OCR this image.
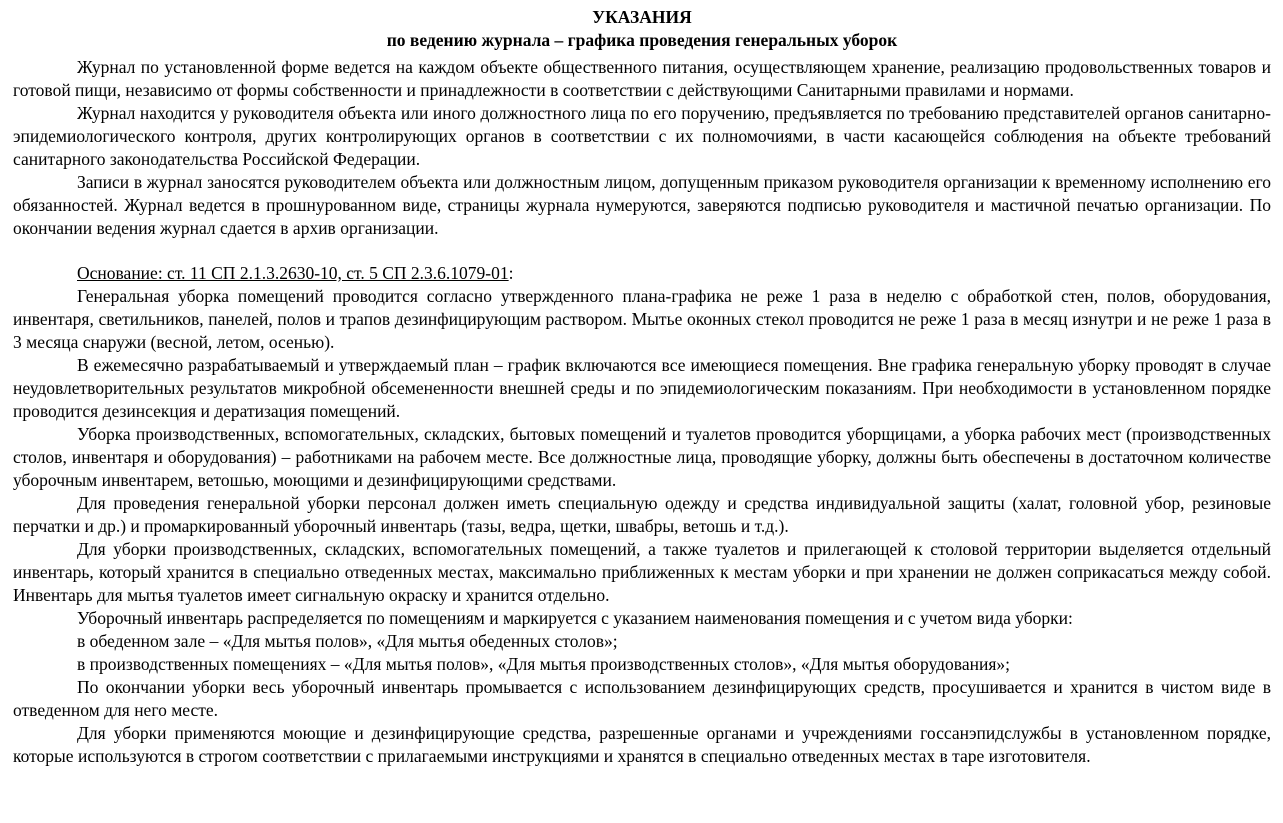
УКАЗАНИЯ

по ведению журнала – графика проведения генеральных уборок

Журнал по установленной форме ведется на каждом объекте общественного питания, осуществляющем хранение, реализацию продовольственных товаров и готовой пищи, независимо от формы собственности и принадлежности в соответствии с действующими Санитарными правилами и нормами.

Журнал находится у руководителя объекта или иного должностного лица по его поручению, предъявляется по требованию представителей органов санитарно-эпидемиологического контроля, других контролирующих органов в соответствии с их полномочиями, в части касающейся соблюдения на объекте требований санитарного законодательства Российской Федерации.

Записи в журнал заносятся руководителем объекта или должностным лицом, допущенным приказом руководителя организации к временному исполнению его обязанностей. Журнал ведется в прошнурованном виде, страницы журнала нумеруются, заверяются подписью руководителя и мастичной печатью организации. По окончании ведения журнал сдается в архив организации.

Основание: ст. 11 СП 2.1.3.2630-10, ст. 5 СП 2.3.6.1079-01:

Генеральная уборка помещений проводится согласно утвержденного плана-графика не реже 1 раза в неделю с обработкой стен, полов, оборудования, инвентаря, светильников, панелей, полов и трапов дезинфицирующим раствором. Мытье оконных стекол проводится не реже 1 раза в месяц изнутри и не реже 1 раза в 3 месяца снаружи (весной, летом, осенью).

В ежемесячно разрабатываемый и утверждаемый план – график включаются все имеющиеся помещения. Вне графика генеральную уборку проводят в случае неудовлетворительных результатов микробной обсемененности внешней среды и по эпидемиологическим показаниям. При необходимости в установленном порядке проводится дезинсекция и дератизация помещений.

Уборка производственных, вспомогательных, складских, бытовых помещений и туалетов проводится уборщицами, а уборка рабочих мест (производственных столов, инвентаря и оборудования) – работниками на рабочем месте. Все должностные лица, проводящие уборку, должны быть обеспечены в достаточном количестве уборочным инвентарем, ветошью, моющими и дезинфицирующими средствами.

Для проведения генеральной уборки персонал должен иметь специальную одежду и средства индивидуальной защиты (халат, головной убор, резиновые перчатки и др.) и промаркированный уборочный инвентарь (тазы, ведра, щетки, швабры, ветошь и т.д.).

Для уборки производственных, складских, вспомогательных помещений, а также туалетов и прилегающей к столовой территории выделяется отдельный инвентарь, который хранится в специально отведенных местах, максимально приближенных к местам уборки и при хранении не должен соприкасаться между собой. Инвентарь для мытья туалетов имеет сигнальную окраску и хранится отдельно.

Уборочный инвентарь распределяется по помещениям и маркируется с указанием наименования помещения и с учетом вида уборки:

в обеденном зале – «Для мытья полов», «Для мытья обеденных столов»;

в производственных помещениях – «Для мытья полов», «Для мытья производственных столов», «Для мытья оборудования»;

По окончании уборки весь уборочный инвентарь промывается с использованием дезинфицирующих средств, просушивается и хранится в чистом виде в отведенном для него месте.

Для уборки применяются моющие и дезинфицирующие средства, разрешенные органами и учреждениями госсанэпидслужбы в установленном порядке, которые используются в строгом соответствии с прилагаемыми инструкциями и хранятся в специально отведенных местах в таре изготовителя.
